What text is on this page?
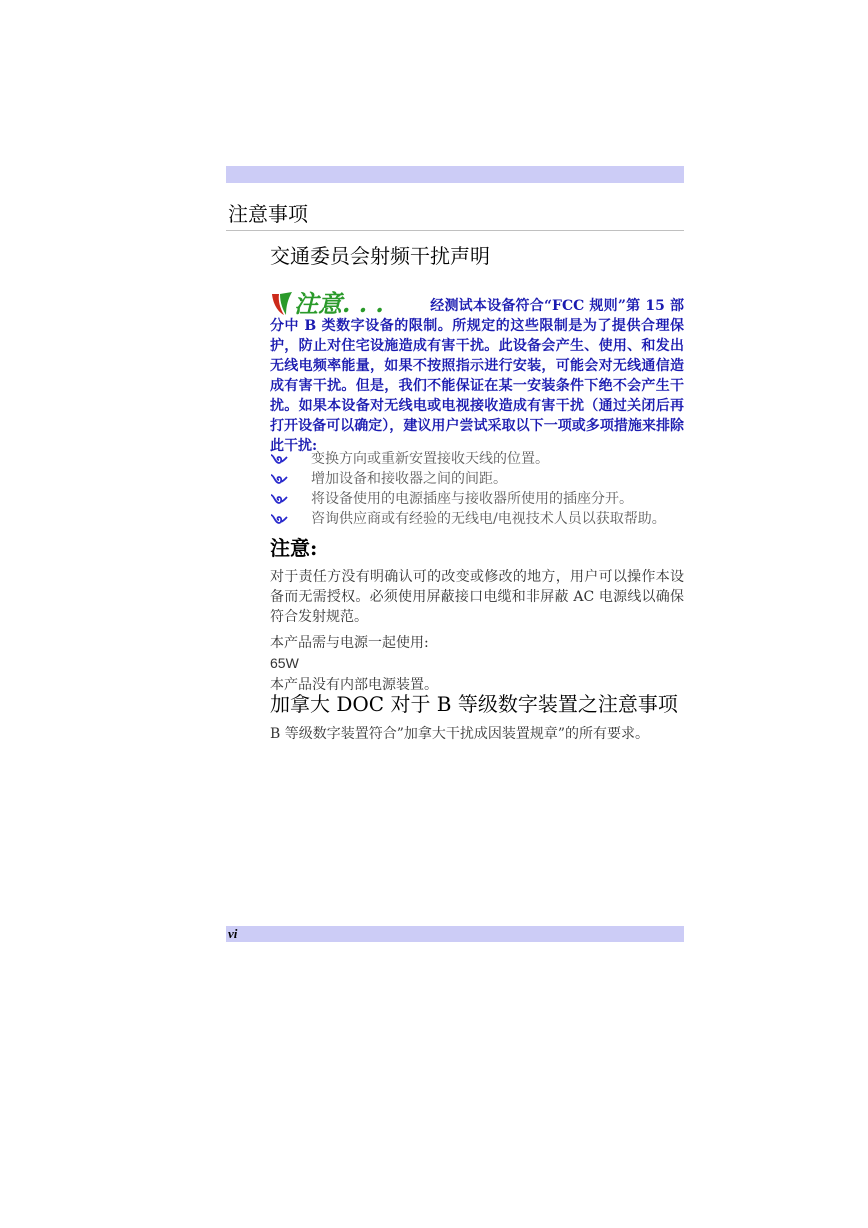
注意事项
交通委员会射频干扰声明

注意. . .	经测试本设备符合“FCC 规则”第 15 部分中 B 类数字设备的限制。所规定的这些限制是为了提供合理保护，防止对住宅设施造成有害干扰。此设备会产生、使用、和发出无线电频率能量，如果不按照指示进行安装，可能会对无线通信造成有害干扰。但是，我们不能保证在某一安装条件下绝不会产生干扰。如果本设备对无线电或电视接收造成有害干扰（通过关闭后再打开设备可以确定），建议用户尝试采取以下一项或多项措施来排除此干扰:

变换方向或重新安置接收天线的位置。
增加设备和接收器之间的间距。
将设备使用的电源插座与接收器所使用的插座分开。
咨询供应商或有经验的无线电/电视技术人员以获取帮助。
注意:

对于责任方没有明确认可的改变或修改的地方，用户可以操作本设备而无需授权。必须使用屏蔽接口电缆和非屏蔽 AC 电源线以确保符合发射规范。

本产品需与电源一起使用:

65W

本产品没有内部电源装置。

加拿大 DOC 对于 B 等级数字装置之注意事项
B 等级数字装置符合”加拿大干扰成因装置规章”的所有要求。
vi
